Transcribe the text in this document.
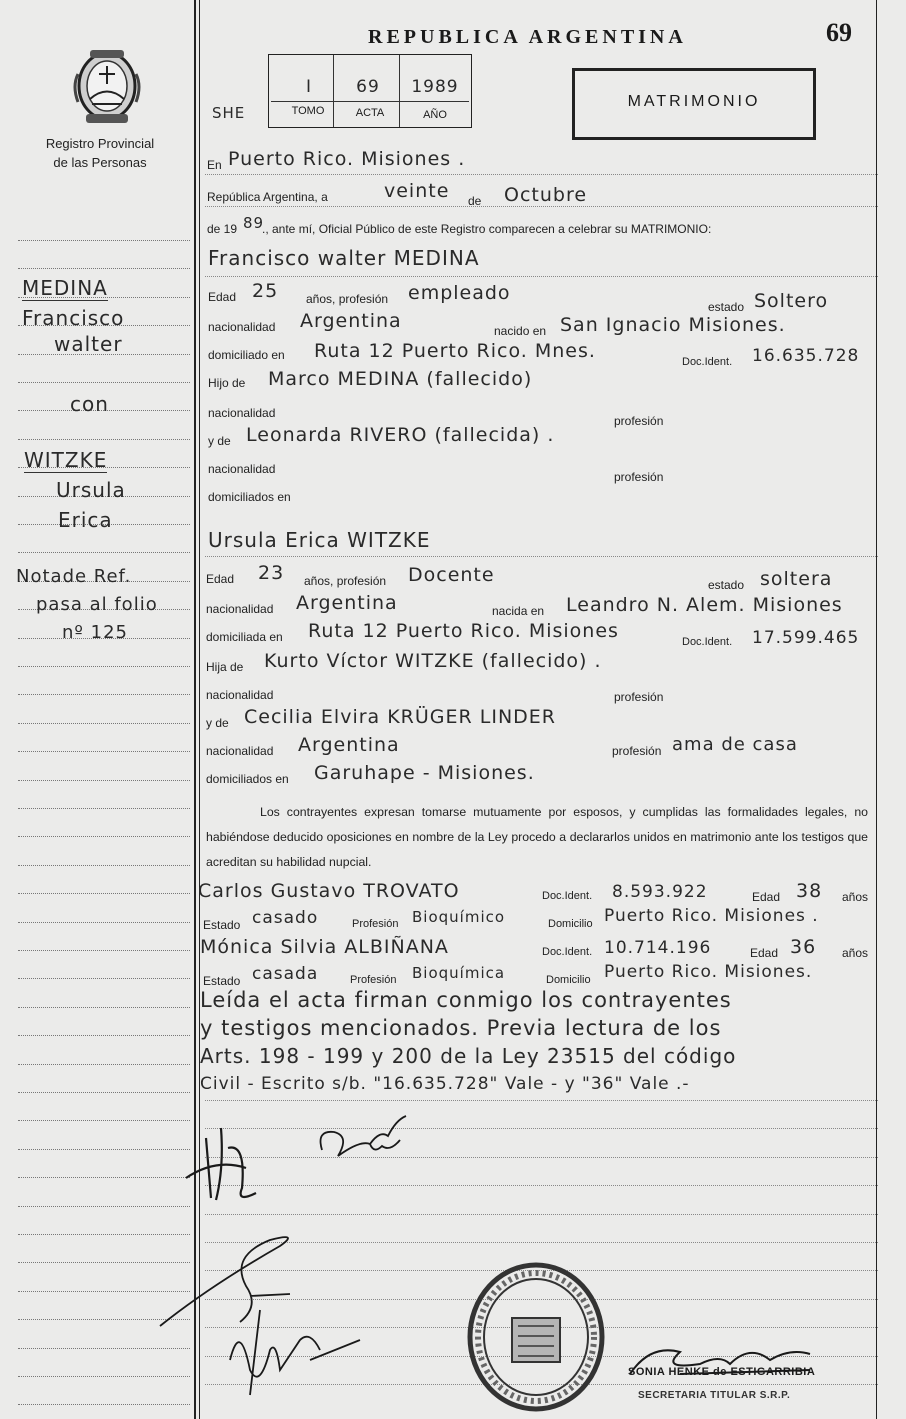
Registro Provincial
de las Personas
REPUBLICA ARGENTINA	69
SHE
I	69	1989
TOMO	ACTA	AÑO
MATRIMONIO
MEDINA
Francisco
walter
con
WITZKE
Ursula
Erica
Notade Ref.
pasa al folio
nº 125
En Puerto Rico. Misiones .
República Argentina, a	veinte de Octubre
de 19 89
., ante mí, Oficial Público de este Registro comparecen a celebrar su MATRIMONIO:
Francisco walter MEDINA
Edad 25 años, profesión empleado
estado Soltero
nacionalidad Argentina	nacido en San Ignacio Misiones.
domiciliado en Ruta 12 Puerto Rico. Mnes.	Doc.Ident. 16.635.728
Hijo de Marco MEDINA (fallecido)
nacionalidad
profesión
y de Leonarda RIVERO (fallecida) .
nacionalidad
profesión
domiciliados en
Ursula Erica WITZKE
Edad 23 años, profesión Docente	estado soltera
nacionalidad Argentina	nacida en Leandro N. Alem. Misiones
domiciliada en Ruta 12 Puerto Rico. Misiones	Doc.Ident. 17.599.465
Hija de Kurto Víctor WITZKE (fallecido) .
nacionalidad	profesión
y de Cecilia Elvira KRÜGER LINDER
nacionalidad Argentina	profesión ama de casa
domiciliados en Garuhape - Misiones.
Los contrayentes expresan tomarse mutuamente por esposos, y cumplidas las formalidades legales, no habiéndose deducido oposiciones en nombre de la Ley procedo a declararlos unidos en matrimonio ante los testigos que acreditan su habilidad nupcial.
Carlos Gustavo TROVATO	Doc.Ident. 8.593.922	Edad 38 años
Estado casado	Profesión Bioquímico	Domicilio Puerto Rico. Misiones .
Mónica Silvia ALBIÑANA	Doc.Ident. 10.714.196	Edad 36 años
Estado casada	Profesión Bioquímica	Domicilio Puerto Rico. Misiones.
Leída el acta firman conmigo los contrayentes
y testigos mencionados. Previa lectura de los
Arts. 198 - 199 y 200 de la Ley 23515 del código
Civil - Escrito s/b. "16.635.728" Vale - y "36" Vale .-
SONIA HENKE de ESTIGARRIBIA
SECRETARIA TITULAR S.R.P.
